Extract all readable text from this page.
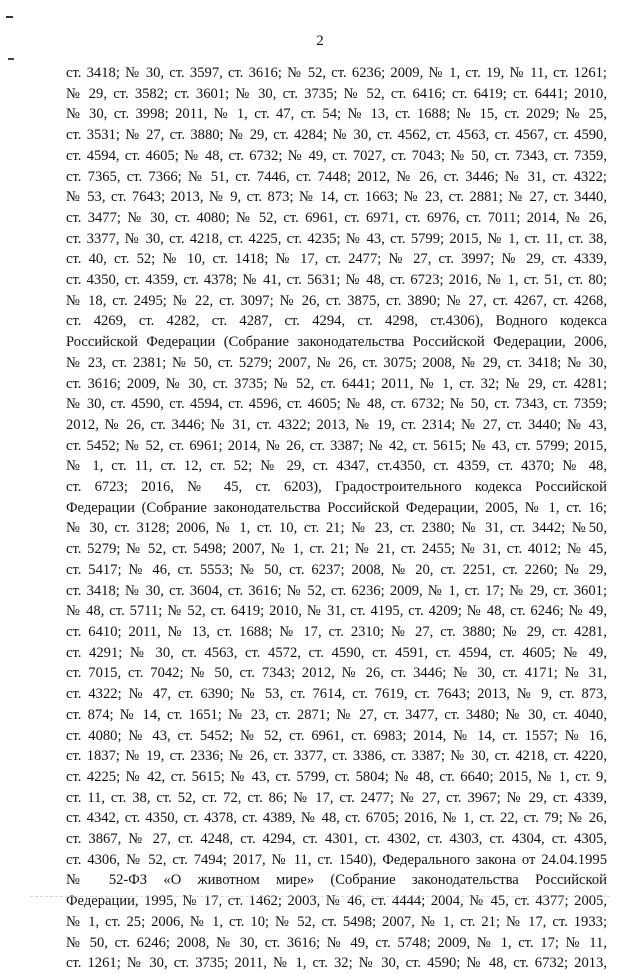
2
ст. 3418; № 30, ст. 3597, ст. 3616; № 52, ст. 6236; 2009, № 1, ст. 19, № 11, ст. 1261;
№ 29, ст. 3582; ст. 3601; № 30, ст. 3735; № 52, ст. 6416; ст. 6419; ст. 6441; 2010,
№ 30, ст. 3998; 2011, № 1, ст. 47, ст. 54; № 13, ст. 1688; № 15, ст. 2029; № 25,
ст. 3531; № 27, ст. 3880; № 29, ст. 4284; № 30, ст. 4562, ст. 4563, ст. 4567, ст. 4590,
ст. 4594, ст. 4605; № 48, ст. 6732; № 49, ст. 7027, ст. 7043; № 50, ст. 7343, ст. 7359,
ст. 7365, ст. 7366; № 51, ст. 7446, ст. 7448; 2012, № 26, ст. 3446; № 31, ст. 4322;
№ 53, ст. 7643; 2013, № 9, ст. 873; № 14, ст. 1663; № 23, ст. 2881; № 27, ст. 3440,
ст. 3477; № 30, ст. 4080; № 52, ст. 6961, ст. 6971, ст. 6976, ст. 7011; 2014, № 26,
ст. 3377, № 30, ст. 4218, ст. 4225, ст. 4235; № 43, ст. 5799; 2015, № 1, ст. 11, ст. 38,
ст. 40, ст. 52; № 10, ст. 1418; № 17, ст. 2477; № 27, ст. 3997; № 29, ст. 4339,
ст. 4350, ст. 4359, ст. 4378; № 41, ст. 5631; № 48, ст. 6723; 2016, № 1, ст. 51, ст. 80;
№ 18, ст. 2495; № 22, ст. 3097; № 26, ст. 3875, ст. 3890; № 27, ст. 4267, ст. 4268,
ст. 4269, ст. 4282, ст. 4287, ст. 4294, ст. 4298, ст.4306), Водного кодекса
Российской Федерации (Собрание законодательства Российской Федерации, 2006,
№ 23, ст. 2381; № 50, ст. 5279; 2007, № 26, ст. 3075; 2008, № 29, ст. 3418; № 30,
ст. 3616; 2009, № 30, ст. 3735; № 52, ст. 6441; 2011, № 1, ст. 32; № 29, ст. 4281;
№ 30, ст. 4590, ст. 4594, ст. 4596, ст. 4605; № 48, ст. 6732; № 50, ст. 7343, ст. 7359;
2012, № 26, ст. 3446; № 31, ст. 4322; 2013, № 19, ст. 2314; № 27, ст. 3440; № 43,
ст. 5452; № 52, ст. 6961; 2014, № 26, ст. 3387; № 42, ст. 5615; № 43, ст. 5799; 2015,
№ 1, ст. 11, ст. 12, ст. 52; № 29, ст. 4347, ст.4350, ст. 4359, ст. 4370; № 48,
ст. 6723; 2016, № 45, ст. 6203), Градостроительного кодекса Российской
Федерации (Собрание законодательства Российской Федерации, 2005, № 1, ст. 16;
№ 30, ст. 3128; 2006, № 1, ст. 10, ст. 21; № 23, ст. 2380; № 31, ст. 3442; №50,
ст. 5279; № 52, ст. 5498; 2007, № 1, ст. 21; № 21, ст. 2455; № 31, ст. 4012; № 45,
ст. 5417; № 46, ст. 5553; № 50, ст. 6237; 2008, № 20, ст. 2251, ст. 2260; № 29,
ст. 3418; № 30, ст. 3604, ст. 3616; № 52, ст. 6236; 2009, № 1, ст. 17; № 29, ст. 3601;
№ 48, ст. 5711; № 52, ст. 6419; 2010, № 31, ст. 4195, ст. 4209; № 48, ст. 6246; № 49,
ст. 6410; 2011, № 13, ст. 1688; № 17, ст. 2310; № 27, ст. 3880; № 29, ст. 4281,
ст. 4291; № 30, ст. 4563, ст. 4572, ст. 4590, ст. 4591, ст. 4594, ст. 4605; № 49,
ст. 7015, ст. 7042; № 50, ст. 7343; 2012, № 26, ст. 3446; № 30, ст. 4171; № 31,
ст. 4322; № 47, ст. 6390; № 53, ст. 7614, ст. 7619, ст. 7643; 2013, № 9, ст. 873,
ст. 874; № 14, ст. 1651; № 23, ст. 2871; № 27, ст. 3477, ст. 3480; № 30, ст. 4040,
ст. 4080; № 43, ст. 5452; № 52, ст. 6961, ст. 6983; 2014, № 14, ст. 1557; № 16,
ст. 1837; № 19, ст. 2336; № 26, ст. 3377, ст. 3386, ст. 3387; № 30, ст. 4218, ст. 4220,
ст. 4225; № 42, ст. 5615; № 43, ст. 5799, ст. 5804; № 48, ст. 6640; 2015, № 1, ст. 9,
ст. 11, ст. 38, ст. 52, ст. 72, ст. 86; № 17, ст. 2477; № 27, ст. 3967; № 29, ст. 4339,
ст. 4342, ст. 4350, ст. 4378, ст. 4389, № 48, ст. 6705; 2016, № 1, ст. 22, ст. 79; № 26,
ст. 3867, № 27, ст. 4248, ст. 4294, ст. 4301, ст. 4302, ст. 4303, ст. 4304, ст. 4305,
ст. 4306, № 52, ст. 7494; 2017, № 11, ст. 1540), Федерального закона от 24.04.1995
№ 52-ФЗ «О животном мире» (Собрание законодательства Российской
Федерации, 1995, № 17, ст. 1462; 2003, № 46, ст. 4444; 2004, № 45, ст. 4377; 2005,
№ 1, ст. 25; 2006, № 1, ст. 10; № 52, ст. 5498; 2007, № 1, ст. 21; № 17, ст. 1933;
№ 50, ст. 6246; 2008, № 30, ст. 3616; № 49, ст. 5748; 2009, № 1, ст. 17; № 11,
ст. 1261; № 30, ст. 3735; 2011, № 1, ст. 32; № 30, ст. 4590; № 48, ст. 6732; 2013,
